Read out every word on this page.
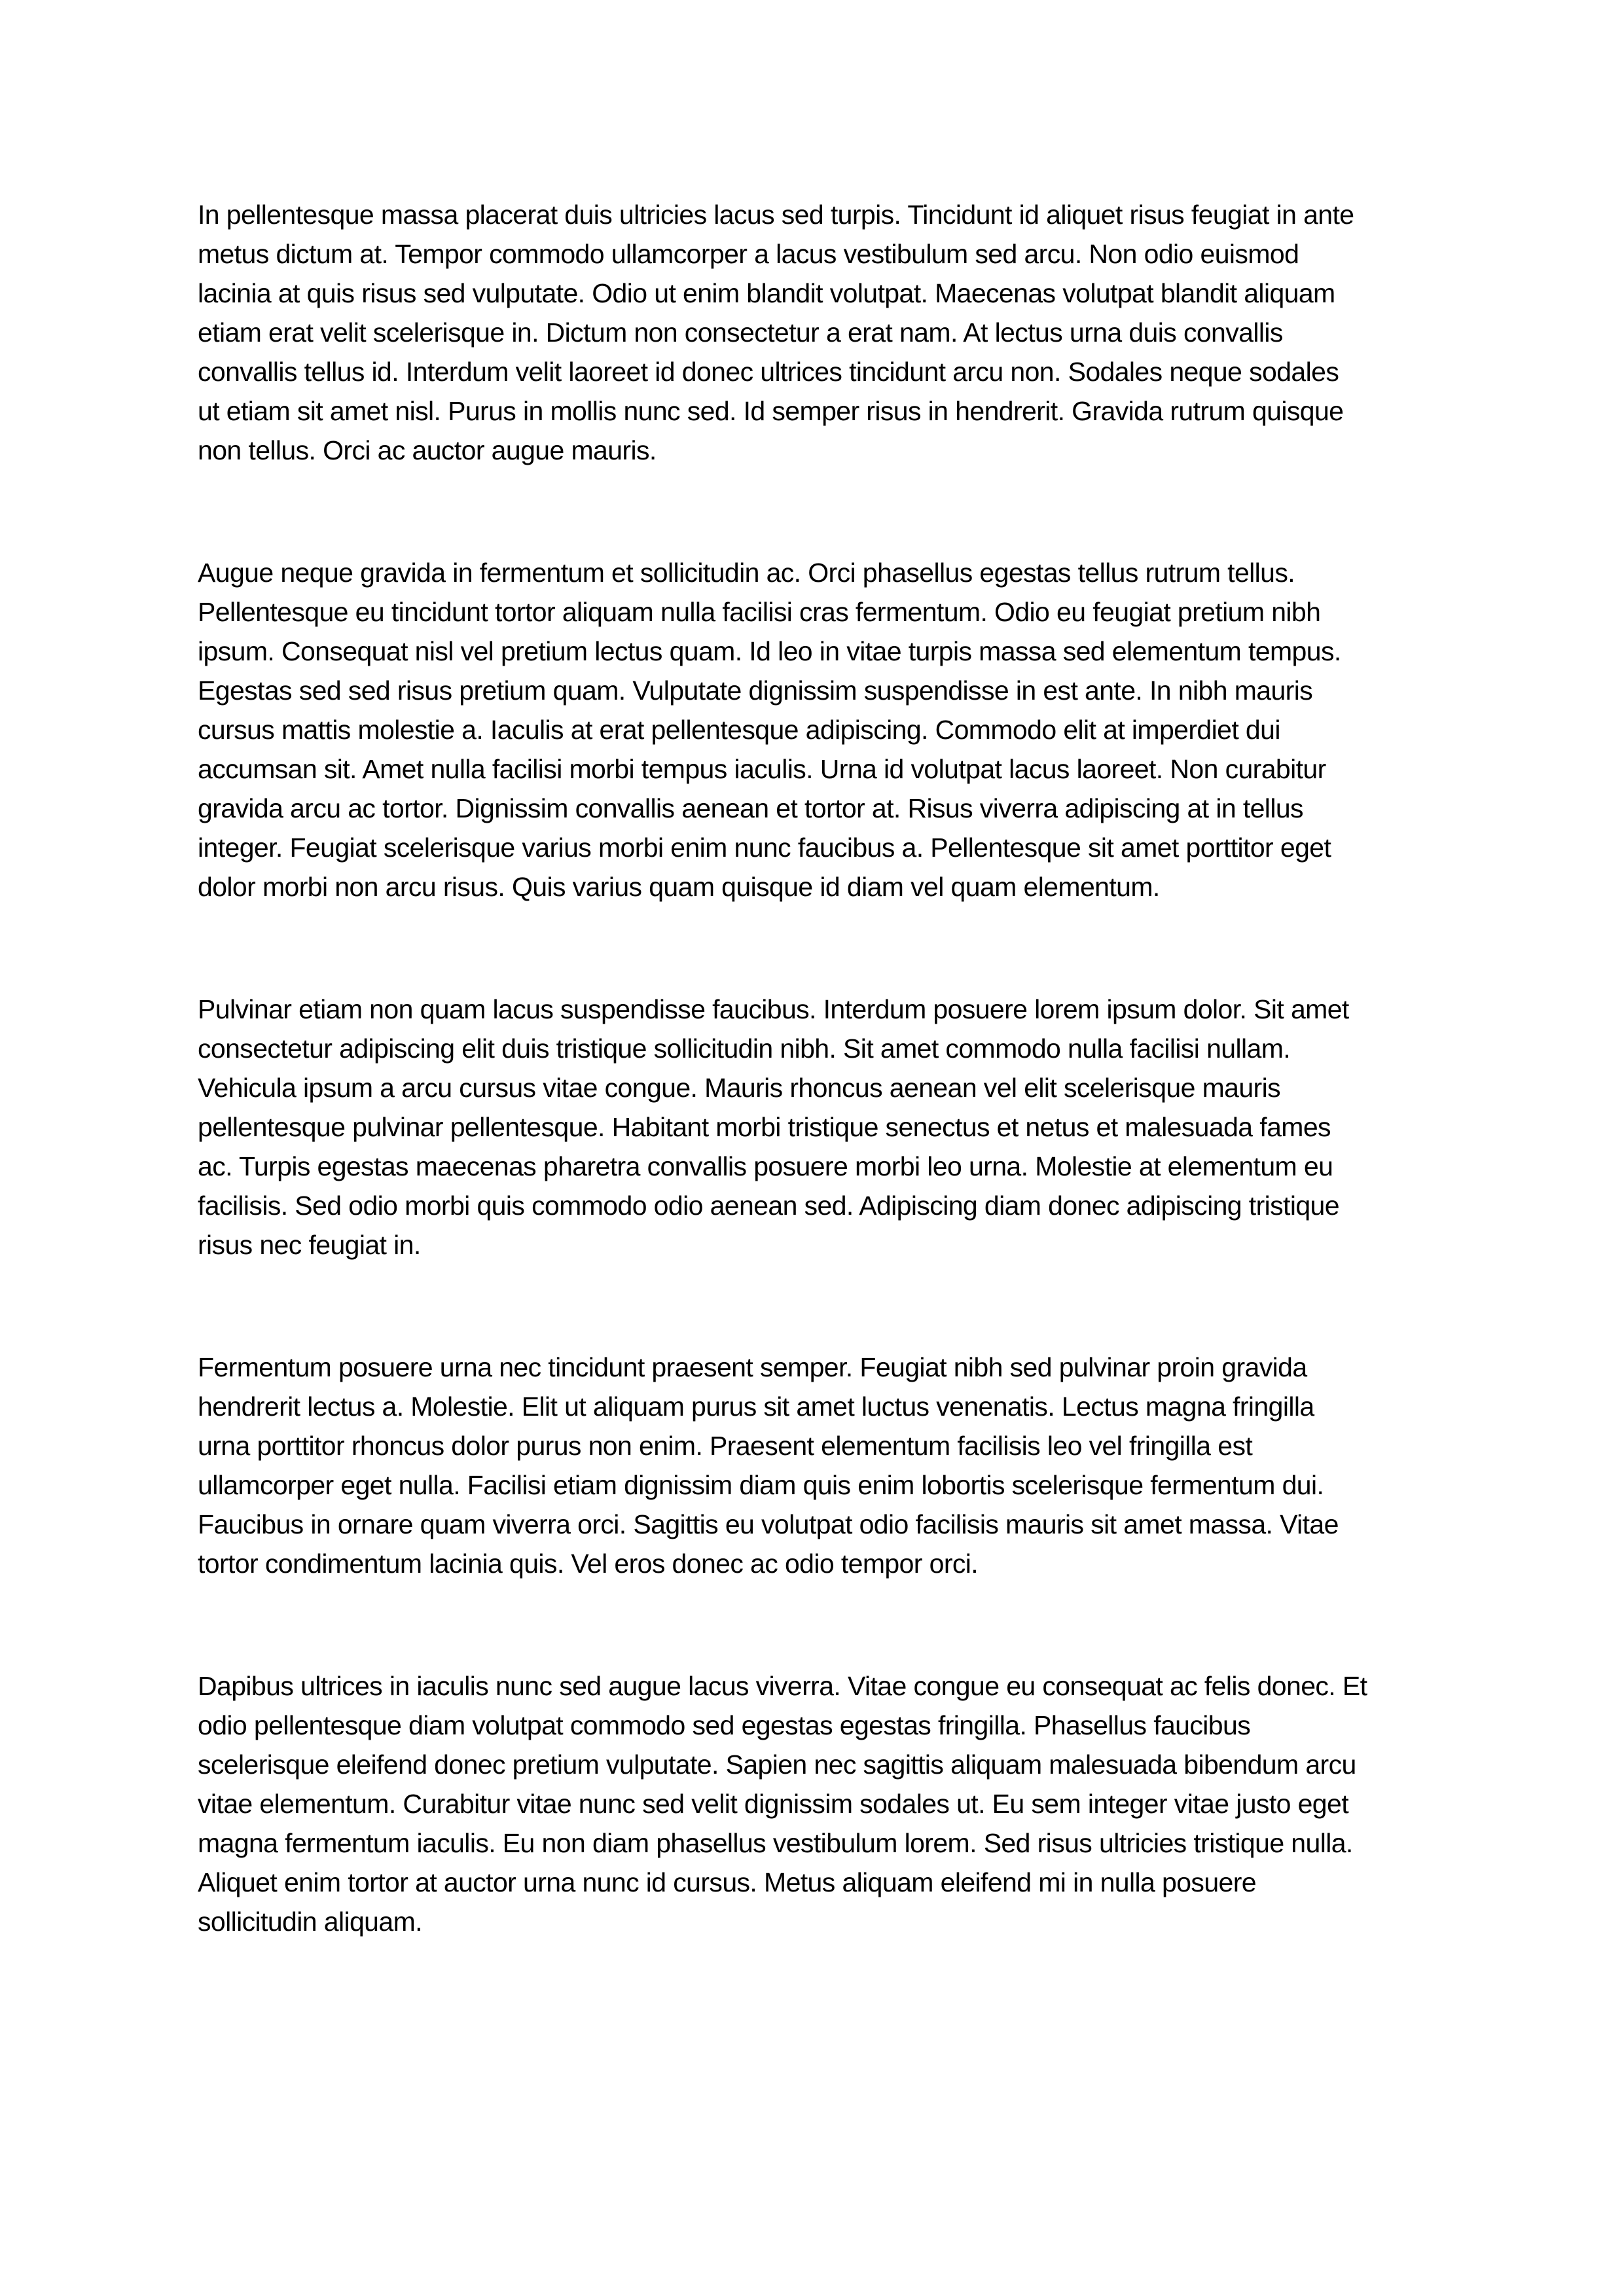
In pellentesque massa placerat duis ultricies lacus sed turpis. Tincidunt id aliquet risus feugiat in ante
metus dictum at. Tempor commodo ullamcorper a lacus vestibulum sed arcu. Non odio euismod
lacinia at quis risus sed vulputate. Odio ut enim blandit volutpat. Maecenas volutpat blandit aliquam
etiam erat velit scelerisque in. Dictum non consectetur a erat nam. At lectus urna duis convallis
convallis tellus id. Interdum velit laoreet id donec ultrices tincidunt arcu non. Sodales neque sodales
ut etiam sit amet nisl. Purus in mollis nunc sed. Id semper risus in hendrerit. Gravida rutrum quisque
non tellus. Orci ac auctor augue mauris.

Augue neque gravida in fermentum et sollicitudin ac. Orci phasellus egestas tellus rutrum tellus.
Pellentesque eu tincidunt tortor aliquam nulla facilisi cras fermentum. Odio eu feugiat pretium nibh
ipsum. Consequat nisl vel pretium lectus quam. Id leo in vitae turpis massa sed elementum tempus.
Egestas sed sed risus pretium quam. Vulputate dignissim suspendisse in est ante. In nibh mauris
cursus mattis molestie a. Iaculis at erat pellentesque adipiscing. Commodo elit at imperdiet dui
accumsan sit. Amet nulla facilisi morbi tempus iaculis. Urna id volutpat lacus laoreet. Non curabitur
gravida arcu ac tortor. Dignissim convallis aenean et tortor at. Risus viverra adipiscing at in tellus
integer. Feugiat scelerisque varius morbi enim nunc faucibus a. Pellentesque sit amet porttitor eget
dolor morbi non arcu risus. Quis varius quam quisque id diam vel quam elementum.

Pulvinar etiam non quam lacus suspendisse faucibus. Interdum posuere lorem ipsum dolor. Sit amet
consectetur adipiscing elit duis tristique sollicitudin nibh. Sit amet commodo nulla facilisi nullam.
Vehicula ipsum a arcu cursus vitae congue. Mauris rhoncus aenean vel elit scelerisque mauris
pellentesque pulvinar pellentesque. Habitant morbi tristique senectus et netus et malesuada fames
ac. Turpis egestas maecenas pharetra convallis posuere morbi leo urna. Molestie at elementum eu
facilisis. Sed odio morbi quis commodo odio aenean sed. Adipiscing diam donec adipiscing tristique
risus nec feugiat in.

Fermentum posuere urna nec tincidunt praesent semper. Feugiat nibh sed pulvinar proin gravida
hendrerit lectus a. Molestie. Elit ut aliquam purus sit amet luctus venenatis. Lectus magna fringilla
urna porttitor rhoncus dolor purus non enim. Praesent elementum facilisis leo vel fringilla est
ullamcorper eget nulla. Facilisi etiam dignissim diam quis enim lobortis scelerisque fermentum dui.
Faucibus in ornare quam viverra orci. Sagittis eu volutpat odio facilisis mauris sit amet massa. Vitae
tortor condimentum lacinia quis. Vel eros donec ac odio tempor orci.

Dapibus ultrices in iaculis nunc sed augue lacus viverra. Vitae congue eu consequat ac felis donec. Et
odio pellentesque diam volutpat commodo sed egestas egestas fringilla. Phasellus faucibus
scelerisque eleifend donec pretium vulputate. Sapien nec sagittis aliquam malesuada bibendum arcu
vitae elementum. Curabitur vitae nunc sed velit dignissim sodales ut. Eu sem integer vitae justo eget
magna fermentum iaculis. Eu non diam phasellus vestibulum lorem. Sed risus ultricies tristique nulla.
Aliquet enim tortor at auctor urna nunc id cursus. Metus aliquam eleifend mi in nulla posuere
sollicitudin aliquam.
